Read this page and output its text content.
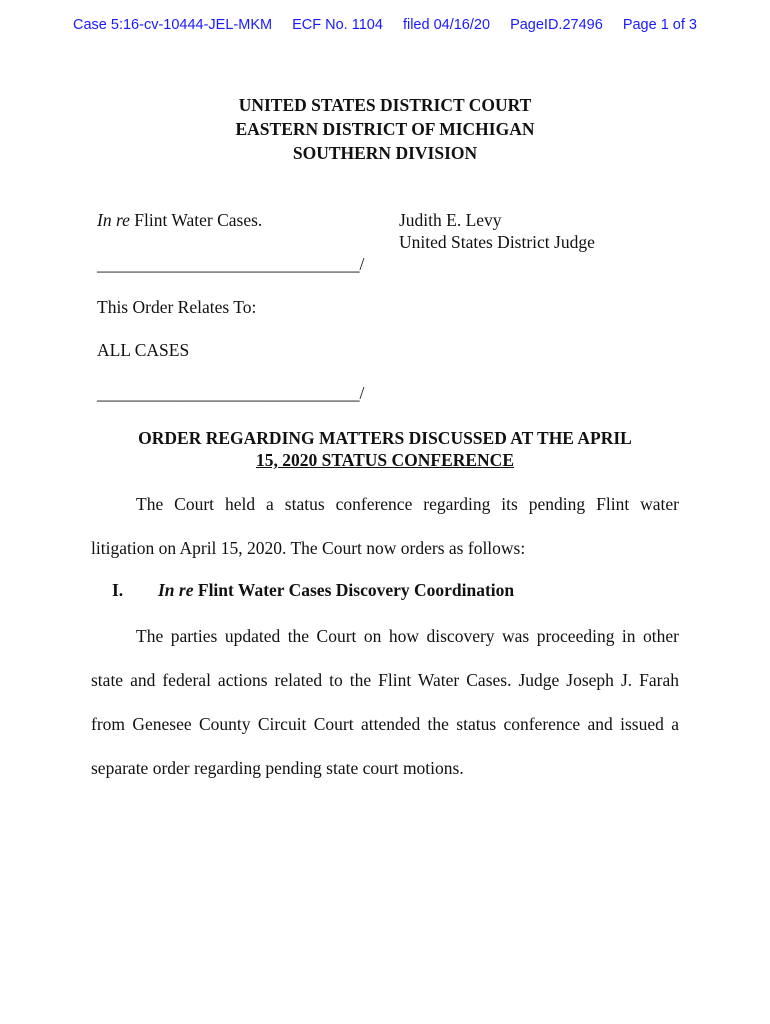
Case 5:16-cv-10444-JEL-MKM ECF No. 1104 filed 04/16/20 PageID.27496 Page 1 of 3
UNITED STATES DISTRICT COURT
EASTERN DISTRICT OF MICHIGAN
SOUTHERN DIVISION
In re Flint Water Cases.	Judith E. Levy
United States District Judge
______________________________/
This Order Relates To:
ALL CASES
______________________________/
ORDER REGARDING MATTERS DISCUSSED AT THE APRIL
15, 2020 STATUS CONFERENCE
The Court held a status conference regarding its pending Flint water litigation on April 15, 2020. The Court now orders as follows:
I. In re Flint Water Cases Discovery Coordination
The parties updated the Court on how discovery was proceeding in other state and federal actions related to the Flint Water Cases. Judge Joseph J. Farah from Genesee County Circuit Court attended the status conference and issued a separate order regarding pending state court motions.
